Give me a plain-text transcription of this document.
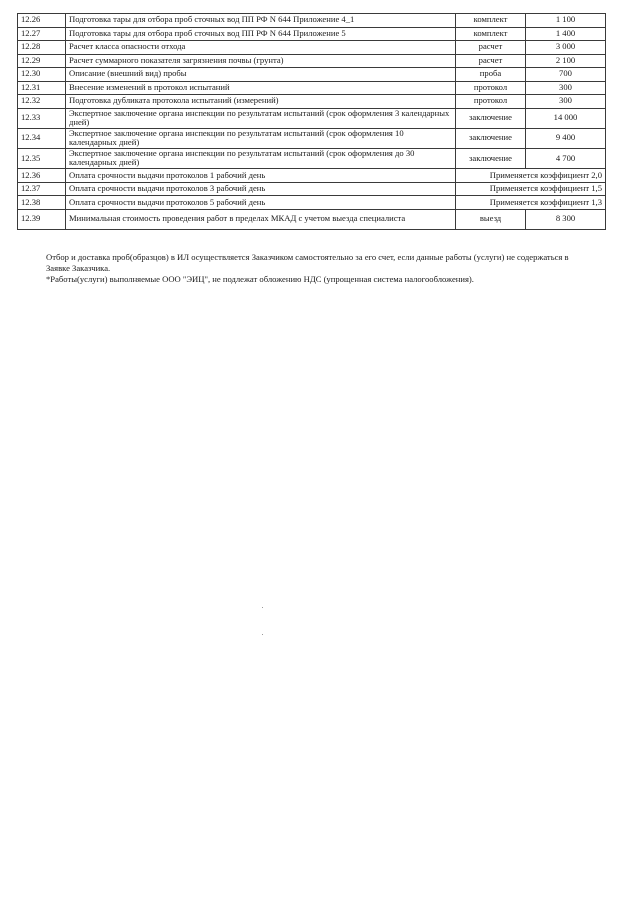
12.26	Подготовка тары для отбора проб сточных вод ПП РФ N 644 Приложение 4_1	комплект	1 100
12.27	Подготовка тары для отбора проб сточных вод ПП РФ N 644 Приложение 5	комплект	1 400
12.28	Расчет класса опасности отхода	расчет	3 000
12.29	Расчет суммарного показателя загрязнения почвы (грунта)	расчет	2 100
12.30	Описание (внешний вид) пробы	проба	700
12.31	Внесение изменений в протокол испытаний	протокол	300
12.32	Подготовка дубликата протокола испытаний (измерений)	протокол	300
12.33	Экспертное заключение органа инспекции по результатам испытаний (срок оформления 3 календарных дней)	заключение	14 000
12.34	Экспертное заключение органа инспекции по результатам испытаний (срок оформления 10 календарных дней)	заключение	9 400
12.35	Экспертное заключение органа инспекции по результатам испытаний (срок оформления до 30 календарных дней)	заключение	4 700
12.36	Оплата срочности выдачи протоколов 1 рабочий день	Применяется коэффициент 2,0	
12.37	Оплата срочности выдачи протоколов 3 рабочий день	Применяется коэффициент 1,5	
12.38	Оплата срочности выдачи протоколов 5 рабочий день	Применяется коэффициент 1,3	
12.39	Минимальная стоимость проведения работ в пределах МКАД с учетом выезда специалиста	выезд	8 300

Отбор и доставка проб(образцов) в ИЛ осуществляется Заказчиком самостоятельно за его счет, если данные работы (услуги) не содержаться в Заявке Заказчика.

*Работы(услуги) выполняемые ООО "ЭИЦ", не подлежат обложению НДС (упрощенная система налогообложения).
